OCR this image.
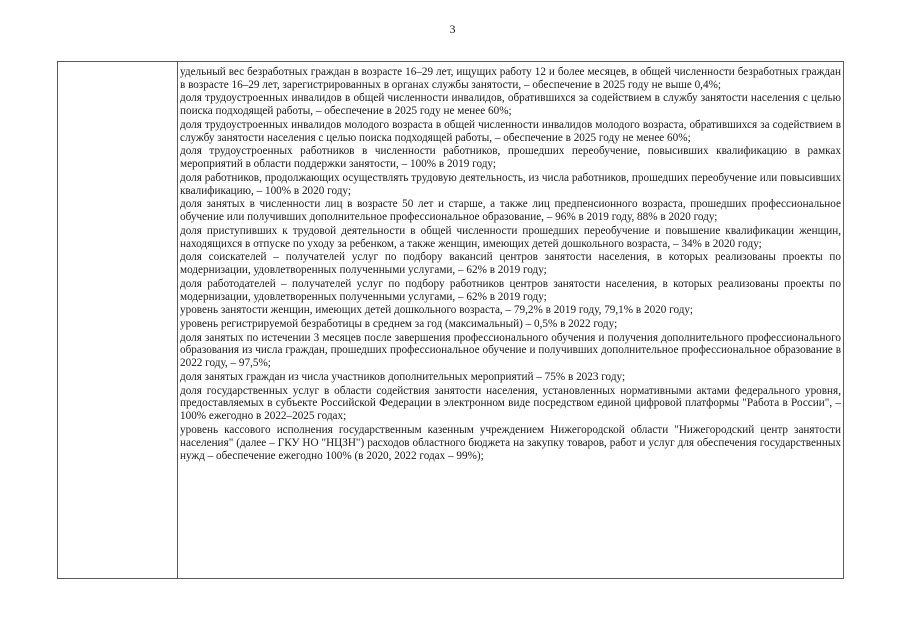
3

удельный вес безработных граждан в возрасте 16–29 лет, ищущих работу 12 и более месяцев, в общей численности безработных граждан в возрасте 16–29 лет, зарегистрированных в органах службы занятости, – обеспечение в 2025 году не выше 0,4%;

доля трудоустроенных инвалидов в общей численности инвалидов, обратившихся за содействием в службу занятости населения с целью поиска подходящей работы, – обеспечение в 2025 году не менее 60%;

доля трудоустроенных инвалидов молодого возраста в общей численности инвалидов молодого возраста, обратившихся за содействием в службу занятости населения с целью поиска подходящей работы, – обеспечение в 2025 году не менее 60%;

доля трудоустроенных работников в численности работников, прошедших переобучение, повысивших квалификацию в рамках мероприятий в области поддержки занятости, – 100% в 2019 году;

доля работников, продолжающих осуществлять трудовую деятельность, из числа работников, прошедших переобучение или повысивших квалификацию, – 100% в 2020 году;

доля занятых в численности лиц в возрасте 50 лет и старше, а также лиц предпенсионного возраста, прошедших профессиональное обучение или получивших дополнительное профессиональное образование, – 96% в 2019 году, 88% в 2020 году;

доля приступивших к трудовой деятельности в общей численности прошедших переобучение и повышение квалификации женщин, находящихся в отпуске по уходу за ребенком, а также женщин, имеющих детей дошкольного возраста, – 34% в 2020 году;

доля соискателей – получателей услуг по подбору вакансий центров занятости населения, в которых реализованы проекты по модернизации, удовлетворенных полученными услугами, – 62% в 2019 году;

доля работодателей – получателей услуг по подбору работников центров занятости населения, в которых реализованы проекты по модернизации, удовлетворенных полученными услугами, – 62% в 2019 году;

уровень занятости женщин, имеющих детей дошкольного возраста, – 79,2% в 2019 году, 79,1% в 2020 году;

уровень регистрируемой безработицы в среднем за год (максимальный) – 0,5% в 2022 году;

доля занятых по истечении 3 месяцев после завершения профессионального обучения и получения дополнительного профессионального образования из числа граждан, прошедших профессиональное обучение и получивших дополнительное профессиональное образование в 2022 году, – 97,5%;

доля занятых граждан из числа участников дополнительных мероприятий – 75% в 2023 году;

доля государственных услуг в области содействия занятости населения, установленных нормативными актами федерального уровня, предоставляемых в субъекте Российской Федерации в электронном виде посредством единой цифровой платформы "Работа в России", – 100% ежегодно в 2022–2025 годах;

уровень кассового исполнения государственным казенным учреждением Нижегородской области "Нижегородский центр занятости населения" (далее – ГКУ НО "НЦЗН") расходов областного бюджета на закупку товаров, работ и услуг для обеспечения государственных нужд – обеспечение ежегодно 100% (в 2020, 2022 годах – 99%);
